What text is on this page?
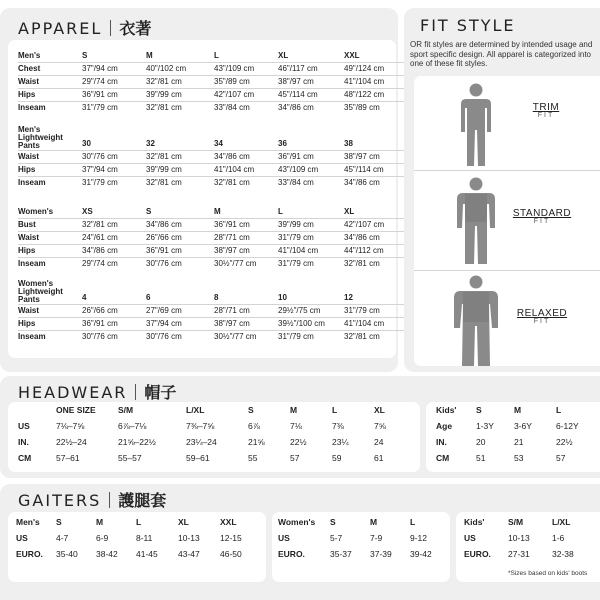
APPAREL 衣著
Men's	S	M	L	XL	XXL
Chest	37"/94 cm	40"/102 cm	43"/109 cm	46"/117 cm	49"/124 cm
Waist	29"/74 cm	32"/81 cm	35"/89 cm	38"/97 cm	41"/104 cm
Hips	36"/91 cm	39"/99 cm	42"/107 cm	45"/114 cm	48"/122 cm
Inseam	31"/79 cm	32"/81 cm	33"/84 cm	34"/86 cm	35"/89 cm
Men's Lightweight Pants	30	32	34	36	38
Waist	30"/76 cm	32"/81 cm	34"/86 cm	36"/91 cm	38"/97 cm
Hips	37"/94 cm	39"/99 cm	41"/104 cm	43"/109 cm	45"/114 cm
Inseam	31"/79 cm	32"/81 cm	32"/81 cm	33"/84 cm	34"/86 cm
Women's	XS	S	M	L	XL
Bust	32"/81 cm	34"/86 cm	36"/91 cm	39"/99 cm	42"/107 cm
Waist	24"/61 cm	26"/66 cm	28"/71 cm	31"/79 cm	34"/86 cm
Hips	34"/86 cm	36"/91 cm	38"/97 cm	41"/104 cm	44"/112 cm
Inseam	29"/74 cm	30"/76 cm	30½"/77 cm	31"/79 cm	32"/81 cm
Women's Lightweight Pants	4	6	8	10	12
Waist	26"/66 cm	27"/69 cm	28"/71 cm	29½"/75 cm	31"/79 cm
Hips	36"/91 cm	37"/94 cm	38"/97 cm	39½"/100 cm	41"/104 cm
Inseam	30"/76 cm	30"/76 cm	30½"/77 cm	31"/79 cm	32"/81 cm
FIT STYLE
OR fit styles are determined by intended usage and sport specific design. All apparel is categorized into one of these fit styles.
TRIM
FIT
STANDARD
FIT
RELAXED
FIT
HEADWEAR 帽子
	ONE SIZE	S/M	L/XL	S	M	L	XL
US	7⅛–7⅝	6⅞–7⅛	7⅜–7⅝	6⅞	7⅛	7⅜	7⅝
IN.	22½–24	21⅝–22½	23¼–24	21⅝	22½	23¼	24
CM	57–61	55–57	59–61	55	57	59	61
Kids'	S	M	L
Age	1-3Y	3-6Y	6-12Y
IN.	20	21	22½
CM	51	53	57
GAITERS 護腿套
Men's	S	M	L	XL	XXL
US	4-7	6-9	8-11	10-13	12-15
EURO.	35-40	38-42	41-45	43-47	46-50
Women's	S	M	L
US	5-7	7-9	9-12
EURO.	35-37	37-39	39-42
Kids'	S/M	L/XL
US	10-13	1-6
EURO.	27-31	32-38
*Sizes based on kids' boots
